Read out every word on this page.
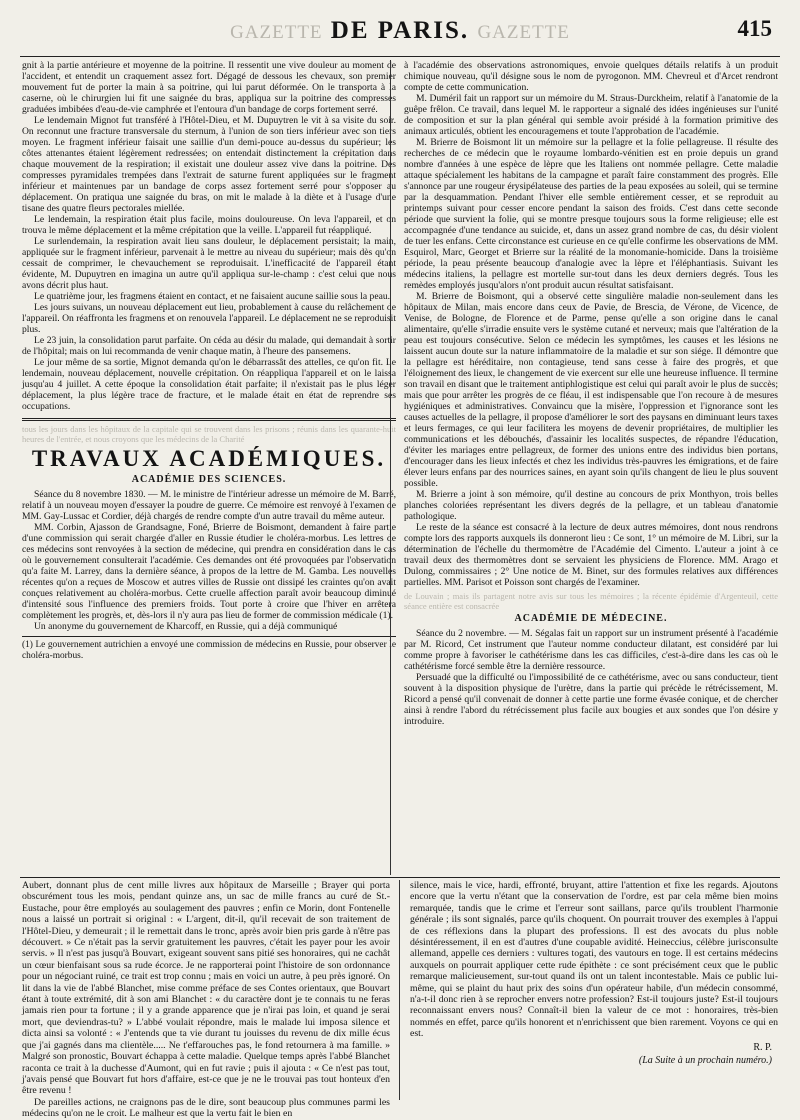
GAZETTE DE PARIS. GAZETTE	415

gnit à la partie antérieure et moyenne de la poitrine. Il ressentit une vive douleur au moment de l'accident, et entendit un craquement assez fort. Dégagé de dessous les chevaux, son premier mouvement fut de porter la main à sa poitrine, qui lui parut déformée. On le transporta à la caserne, où le chirurgien lui fit une saignée du bras, appliqua sur la poitrine des compresses graduées imbibées d'eau-de-vie camphrée et l'entoura d'un bandage de corps fortement serré.

Le lendemain Mignot fut transféré à l'Hôtel-Dieu, et M. Dupuytren le vit à sa visite du soir. On reconnut une fracture transversale du sternum, à l'union de son tiers inférieur avec son tiers moyen. Le fragment inférieur faisait une saillie d'un demi-pouce au-dessus du supérieur; les côtes attenantes étaient légèrement redressées; on entendait distinctement la crépitation dans chaque mouvement de la respiration; il existait une douleur assez vive dans la poitrine. Des compresses pyramidales trempées dans l'extrait de saturne furent appliquées sur le fragment inférieur et maintenues par un bandage de corps assez fortement serré pour s'opposer au déplacement. On pratiqua une saignée du bras, on mit le malade à la diète et à l'usage d'une tisane des quatre fleurs pectorales miellée.

Le lendemain, la respiration était plus facile, moins douloureuse. On leva l'appareil, et on trouva le même déplacement et la même crépitation que la veille. L'appareil fut réappliqué.

Le surlendemain, la respiration avait lieu sans douleur, le déplacement persistait; la main, appliquée sur le fragment inférieur, parvenait à le mettre au niveau du supérieur; mais dès qu'on cessait de comprimer, le chevauchement se reproduisait. L'inefficacité de l'appareil étant évidente, M. Dupuytren en imagina un autre qu'il appliqua sur-le-champ : c'est celui que nous avons décrit plus haut.

Le quatrième jour, les fragmens étaient en contact, et ne faisaient aucune saillie sous la peau.

Les jours suivans, un nouveau déplacement eut lieu, probablement à cause du relâchement de l'appareil. On réaffronta les fragmens et on renouvela l'appareil. Le déplacement ne se reproduisit plus.

Le 23 juin, la consolidation parut parfaite. On céda au désir du malade, qui demandait à sortir de l'hôpital; mais on lui recommanda de venir chaque matin, à l'heure des pansemens.

Le jour même de sa sortie, Mignot demanda qu'on le débarrassât des attelles, ce qu'on fit. Le lendemain, nouveau déplacement, nouvelle crépitation. On réappliqua l'appareil et on le laissa jusqu'au 4 juillet. A cette époque la consolidation était parfaite; il n'existait pas le plus léger déplacement, la plus légère trace de fracture, et le malade était en état de reprendre ses occupations.

tous les jours dans les hôpitaux de la capitale qui se trouvent dans les prisons ; réunis dans les quarante-huit heures de l'entrée, et nous croyons que les médecins de la Charité
TRAVAUX ACADÉMIQUES.
ACADÉMIE DES SCIENCES.

Séance du 8 novembre 1830. — M. le ministre de l'intérieur adresse un mémoire de M. Barré, relatif à un nouveau moyen d'essayer la poudre de guerre. Ce mémoire est renvoyé à l'examen de MM. Gay-Lussac et Cordier, déjà chargés de rendre compte d'un autre travail du même auteur.

MM. Corbin, Ajasson de Grandsagne, Foné, Brierre de Boismont, demandent à faire partie d'une commission qui serait chargée d'aller en Russie étudier le choléra-morbus. Les lettres de ces médecins sont renvoyées à la section de médecine, qui prendra en considération dans le cas où le gouvernement consulterait l'académie. Ces demandes ont été provoquées par l'observation qu'a faite M. Larrey, dans la dernière séance, à propos de la lettre de M. Gamba. Les nouvelles récentes qu'on a reçues de Moscow et autres villes de Russie ont dissipé les craintes qu'on avait conçues relativement au choléra-morbus. Cette cruelle affection paraît avoir beaucoup diminué d'intensité sous l'influence des premiers froids. Tout porte à croire que l'hiver en arrêtera complètement les progrès, et, dès-lors il n'y aura pas lieu de former de commission médicale (1).

Un anonyme du gouvernement de Kharcoff, en Russie, qui a déjà communiqué

(1) Le gouvernement autrichien a envoyé une commission de médecins en Russie, pour observer le choléra-morbus.

à l'académie des observations astronomiques, envoie quelques détails relatifs à un produit chimique nouveau, qu'il désigne sous le nom de pyrogonon. MM. Chevreul et d'Arcet rendront compte de cette communication.

M. Duméril fait un rapport sur un mémoire du M. Straus-Durckheim, relatif à l'anatomie de la guêpe frêlon. Ce travail, dans lequel M. le rapporteur a signalé des idées ingénieuses sur l'unité de composition et sur la plan général qui semble avoir présidé à la formation primitive des animaux articulés, obtient les encouragemens et toute l'approbation de l'académie.

M. Brierre de Boismont lit un mémoire sur la pellagre et la folie pellagreuse. Il résulte des recherches de ce médecin que le royaume lombardo-vénitien est en proie depuis un grand nombre d'années à une espèce de lèpre que les Italiens ont nommée pellagre. Cette maladie attaque spécialement les habitans de la campagne et paraît faire constamment des progrès. Elle s'annonce par une rougeur érysipélateuse des parties de la peau exposées au soleil, qui se termine par la desquammation. Pendant l'hiver elle semble entièrement cesser, et se reproduit au printemps suivant pour cesser encore pendant la saison des froids. C'est dans cette seconde période que survient la folie, qui se montre presque toujours sous la forme religieuse; elle est accompagnée d'une tendance au suicide, et, dans un assez grand nombre de cas, du désir violent de tuer les enfans. Cette circonstance est curieuse en ce qu'elle confirme les observations de MM. Esquirol, Marc, Georget et Brierre sur la réalité de la monomanie-homicide. Dans la troisième période, la peau présente beaucoup d'analogie avec la lèpre et l'éléphantiasis. Suivant les médecins italiens, la pellagre est mortelle sur-tout dans les deux derniers degrés. Tous les remèdes employés jusqu'alors n'ont produit aucun résultat satisfaisant.

M. Brierre de Boismont, qui a observé cette singulière maladie non-seulement dans les hôpitaux de Milan, mais encore dans ceux de Pavie, de Brescia, de Vérone, de Vicence, de Venise, de Bologne, de Florence et de Parme, pense qu'elle a son origine dans le canal alimentaire, qu'elle s'irradie ensuite vers le système cutané et nerveux; mais que l'altération de la peau est toujours consécutive. Selon ce médecin les symptômes, les causes et les lésions ne laissent aucun doute sur la nature inflammatoire de la maladie et sur son siége. Il démontre que la pellagre est héréditaire, non contagieuse, tend sans cesse à faire des progrès, et que l'éloignement des lieux, le changement de vie exercent sur elle une heureuse influence. Il termine son travail en disant que le traitement antiphlogistique est celui qui paraît avoir le plus de succès; mais que pour arrêter les progrès de ce fléau, il est indispensable que l'on recoure à de mesures hygiéniques et administratives. Convaincu que la misère, l'oppression et l'ignorance sont les causes actuelles de la pellagre, il propose d'améliorer le sort des paysans en diminuant leurs taxes et leurs fermages, ce qui leur facilitera les moyens de devenir propriétaires, de multiplier les communications et les débouchés, d'assainir les localités suspectes, de répandre l'éducation, d'éviter les mariages entre pellagreux, de former des unions entre des individus bien portans, d'encourager dans les lieux infectés et chez les individus très-pauvres les émigrations, et de faire élever leurs enfans par des nourrices saines, en ayant soin qu'ils changent de lieu le plus souvent possible.

M. Brierre a joint à son mémoire, qu'il destine au concours de prix Monthyon, trois belles planches coloriées représentant les divers degrés de la pellagre, et un tableau d'anatomie pathologique.

Le reste de la séance est consacré à la lecture de deux autres mémoires, dont nous rendrons compte lors des rapports auxquels ils donneront lieu : Ce sont, 1° un mémoire de M. Libri, sur la détermination de l'échelle du thermomètre de l'Académie del Cimento. L'auteur a joint à ce travail deux des thermomètres dont se servaient les physiciens de Florence. MM. Arago et Dulong, commissaires ; 2° Une notice de M. Binet, sur des formules relatives aux différences partielles. MM. Parisot et Poisson sont chargés de l'examiner.

de Louvain ; mais ils partagent notre avis sur tous les mémoires ; la récente épidémie d'Argenteuil, cette séance entière est consacrée
ACADÉMIE DE MÉDECINE.

Séance du 2 novembre. — M. Ségalas fait un rapport sur un instrument présenté à l'académie par M. Ricord, Cet instrument que l'auteur nomme conducteur dilatant, est considéré par lui comme propre à favoriser le cathétérisme dans les cas difficiles, c'est-à-dire dans les cas où le cathétérisme forcé semble être la dernière ressource.

Persuadé que la difficulté ou l'impossibilité de ce cathétérisme, avec ou sans conducteur, tient souvent à la disposition physique de l'urètre, dans la partie qui précède le rétrécissement, M. Ricord a pensé qu'il convenait de donner à cette partie une forme évasée conique, et de chercher ainsi à rendre l'abord du rétrécissement plus facile aux bougies et aux sondes que l'on désire y introduire.

Aubert, donnant plus de cent mille livres aux hôpitaux de Marseille ; Brayer qui porta obscurément tous les mois, pendant quinze ans, un sac de mille francs au curé de St.-Eustache, pour être employés au soulagement des pauvres ; enfin ce Morin, dont Fontenelle nous a laissé un portrait si original : « L'argent, dit-il, qu'il recevait de son traitement de l'Hôtel-Dieu, y demeurait ; il le remettait dans le tronc, après avoir bien pris garde à n'être pas découvert. » Ce n'était pas la servir gratuitement les pauvres, c'était les payer pour les avoir servis. » Il n'est pas jusqu'à Bouvart, exigeant souvent sans pitié ses honoraires, qui ne cachât un cœur bienfaisant sous sa rude écorce. Je ne rapporterai point l'histoire de son ordonnance pour un négociant ruiné, ce trait est trop connu ; mais en voici un autre, à peu près ignoré. On lit dans la vie de l'abbé Blanchet, mise comme préface de ses Contes orientaux, que Bouvart étant à toute extrémité, dit à son ami Blanchet : « du caractère dont je te connais tu ne feras jamais rien pour ta fortune ; il y a grande apparence que je n'irai pas loin, et quand je serai mort, que deviendras-tu? » L'abbé voulait répondre, mais le malade lui imposa silence et dicta ainsi sa volonté : « J'entends que ta vie durant tu jouisses du revenu de dix mille écus que j'ai gagnés dans ma clientèle..... Ne t'effarouches pas, le fond retournera à ma famille. » Malgré son pronostic, Bouvart échappa à cette maladie. Quelque temps après l'abbé Blanchet raconta ce trait à la duchesse d'Aumont, qui en fut ravie ; puis il ajouta : « Ce n'est pas tout, j'avais pensé que Bouvart fut hors d'affaire, est-ce que je ne le trouvai pas tout honteux d'en être revenu !

De pareilles actions, ne craignons pas de le dire, sont beaucoup plus communes parmi les médecins qu'on ne le croit. Le malheur est que la vertu fait le bien en

silence, mais le vice, hardi, effronté, bruyant, attire l'attention et fixe les regards. Ajoutons encore que la vertu n'étant que la conservation de l'ordre, est par cela même bien moins remarquée, tandis que le crime et l'erreur sont saillans, parce qu'ils troublent l'harmonie générale ; ils sont signalés, parce qu'ils choquent. On pourrait trouver des exemples à l'appui de ces réflexions dans la plupart des professions. Il est des avocats du plus noble désintéressement, il en est d'autres d'une coupable avidité. Heineccius, célèbre jurisconsulte allemand, appelle ces derniers : vultures togati, des vautours en toge. Il est certains médecins auxquels on pourrait appliquer cette rude épithète : ce sont précisément ceux que le public remarque malicieusement, sur-tout quand ils ont un talent incontestable. Mais ce public lui-même, qui se plaint du haut prix des soins d'un opérateur habile, d'un médecin consommé, n'a-t-il donc rien à se reprocher envers notre profession? Est-il toujours juste? Est-il toujours reconnaissant envers nous? Connaît-il bien la valeur de ce mot : honoraires, très-bien nommés en effet, parce qu'ils honorent et n'enrichissent que bien rarement. Voyons ce qui en est.

R. P.
(La Suite à un prochain numéro.)
